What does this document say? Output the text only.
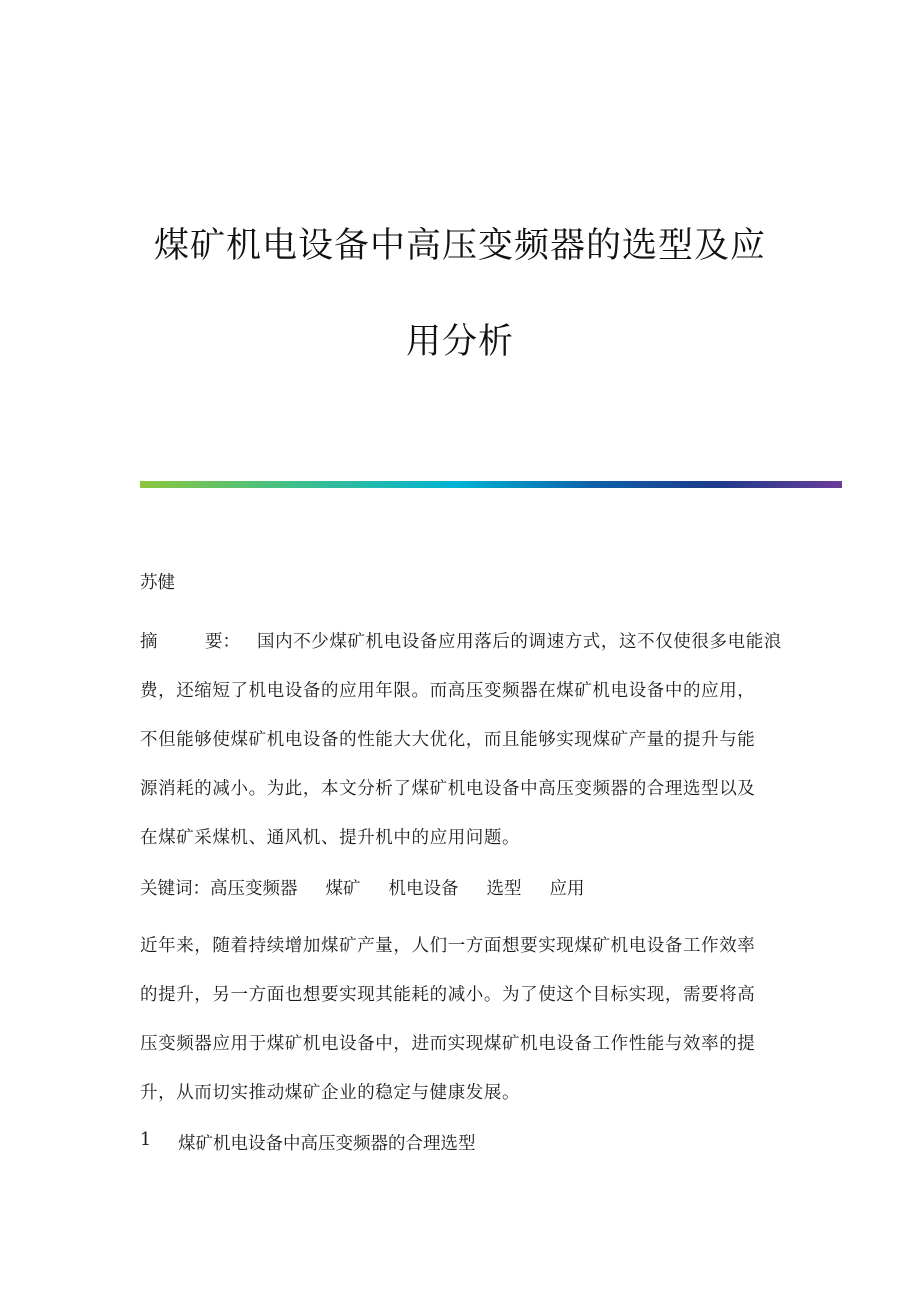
煤矿机电设备中高压变频器的选型及应
用分析
苏健
摘	要： 国内不少煤矿机电设备应用落后的调速方式，这不仅使很多电能浪
费，还缩短了机电设备的应用年限。而高压变频器在煤矿机电设备中的应用，
不但能够使煤矿机电设备的性能大大优化，而且能够实现煤矿产量的提升与能
源消耗的减小。为此，本文分析了煤矿机电设备中高压变频器的合理选型以及
在煤矿采煤机、通风机、提升机中的应用问题。
关键词：高压变频器 煤矿 机电设备 选型 应用
近年来，随着持续增加煤矿产量，人们一方面想要实现煤矿机电设备工作效率
的提升，另一方面也想要实现其能耗的减小。为了使这个目标实现，需要将高
压变频器应用于煤矿机电设备中，进而实现煤矿机电设备工作性能与效率的提
升，从而切实推动煤矿企业的稳定与健康发展。
1 煤矿机电设备中高压变频器的合理选型
